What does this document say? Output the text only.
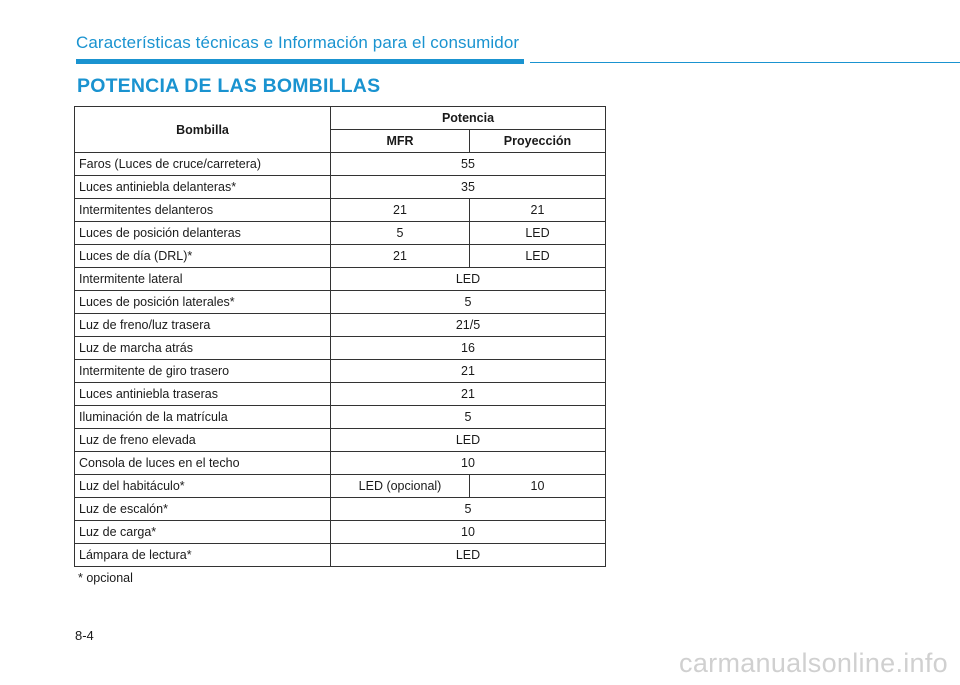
Características técnicas e Información para el consumidor
POTENCIA DE LAS BOMBILLAS
Bombilla	Potencia	
	MFR	Proyección
Faros (Luces de cruce/carretera)	55	
Luces antiniebla delanteras*	35	
Intermitentes delanteros	21	21
Luces de posición delanteras	5	LED
Luces de día (DRL)*	21	LED
Intermitente lateral	LED	
Luces de posición laterales*	5	
Luz de freno/luz trasera	21/5	
Luz de marcha atrás	16	
Intermitente de giro trasero	21	
Luces antiniebla traseras	21	
Iluminación de la matrícula	5	
Luz de freno elevada	LED	
Consola de luces en el techo	10	
Luz del habitáculo*	LED (opcional)	10
Luz de escalón*	5	
Luz de carga*	10	
Lámpara de lectura*	LED	
* opcional
8-4
carmanualsonline.info
